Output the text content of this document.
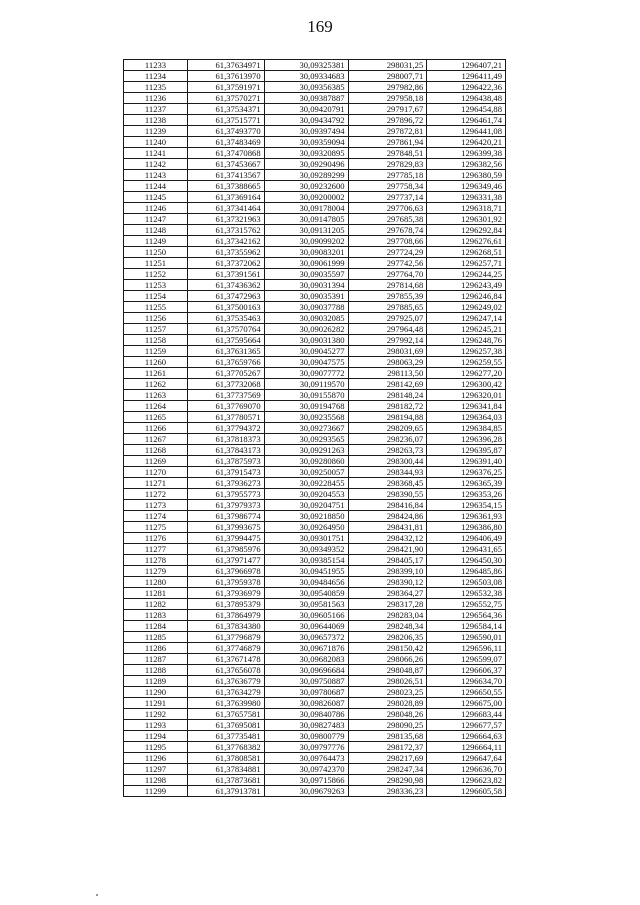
169
11233	61,37634971	30,09325381	298031,25	1296407,21
11234	61,37613970	30,09334683	298007,71	1296411,49
11235	61,37591971	30,09356385	297982,86	1296422,36
11236	61,37570271	30,09387887	297958,18	1296438,48
11237	61,37534371	30,09420791	297917,67	1296454,88
11238	61,37515771	30,09434792	297896,72	1296461,74
11239	61,37493770	30,09397494	297872,81	1296441,08
11240	61,37483469	30,09359094	297861,94	1296420,21
11241	61,37470868	30,09320895	297848,51	1296399,38
11242	61,37453667	30,09290496	297829,83	1296382,56
11243	61,37413567	30,09289299	297785,18	1296380,59
11244	61,37388665	30,09232600	297758,34	1296349,46
11245	61,37369164	30,09200002	297737,14	1296331,38
11246	61,37341464	30,09178004	297706,63	1296318,71
11247	61,37321963	30,09147805	297685,38	1296301,92
11248	61,37315762	30,09131205	297678,74	1296292,84
11249	61,37342162	30,09099202	297708,66	1296276,61
11250	61,37355962	30,09083201	297724,29	1296268,51
11251	61,37372062	30,09061999	297742,56	1296257,71
11252	61,37391561	30,09035597	297764,70	1296244,25
11253	61,37436362	30,09031394	297814,68	1296243,49
11254	61,37472963	30,09035391	297855,39	1296246,84
11255	61,37500163	30,09037788	297885,65	1296249,02
11256	61,37535463	30,09032085	297925,07	1296247,14
11257	61,37570764	30,09026282	297964,48	1296245,21
11258	61,37595664	30,09031380	297992,14	1296248,76
11259	61,37631365	30,09045277	298031,69	1296257,38
11260	61,37659766	30,09047575	298063,29	1296259,55
11261	61,37705267	30,09077772	298113,50	1296277,20
11262	61,37732068	30,09119570	298142,69	1296300,42
11263	61,37737569	30,09155870	298148,24	1296320,01
11264	61,37769070	30,09194768	298182,72	1296341,84
11265	61,37780571	30,09235568	298194,88	1296364,03
11266	61,37794372	30,09273667	298209,65	1296384,85
11267	61,37818373	30,09293565	298236,07	1296396,28
11268	61,37843173	30,09291263	298263,73	1296395,87
11269	61,37875973	30,09280860	298300,44	1296391,40
11270	61,37915473	30,09250057	298344,93	1296376,25
11271	61,37936273	30,09228455	298368,45	1296365,39
11272	61,37955773	30,09204553	298390,55	1296353,26
11273	61,37979373	30,09204751	298416,84	1296354,15
11274	61,37986774	30,09218850	298424,86	1296361,93
11275	61,37993675	30,09264950	298431,81	1296386,80
11276	61,37994475	30,09301751	298432,12	1296406,49
11277	61,37985976	30,09349352	298421,90	1296431,65
11278	61,37971477	30,09385154	298405,17	1296450,30
11279	61,37966978	30,09451955	298399,10	1296485,86
11280	61,37959378	30,09484656	298390,12	1296503,08
11281	61,37936979	30,09540859	298364,27	1296532,38
11282	61,37895379	30,09581563	298317,28	1296552,75
11283	61,37864979	30,09605166	298283,04	1296564,36
11284	61,37834380	30,09644069	298248,34	1296584,14
11285	61,37796879	30,09657372	298206,35	1296590,01
11286	61,37746879	30,09671876	298150,42	1296596,11
11287	61,37671478	30,09682083	298066,26	1296599,07
11288	61,37656078	30,09696684	298048,87	1296606,37
11289	61,37636779	30,09750887	298026,51	1296634,70
11290	61,37634279	30,09780687	298023,25	1296650,55
11291	61,37639980	30,09826087	298028,89	1296675,00
11292	61,37657581	30,09840786	298048,26	1296683,44
11293	61,37695081	30,09827483	298090,25	1296677,57
11294	61,37735481	30,09800779	298135,68	1296664,63
11295	61,37768382	30,09797776	298172,37	1296664,11
11296	61,37808581	30,09764473	298217,69	1296647,64
11297	61,37834881	30,09742370	298247,34	1296636,70
11298	61,37873681	30,09715866	298290,98	1296623,82
11299	61,37913781	30,09679263	298336,23	1296605,58
